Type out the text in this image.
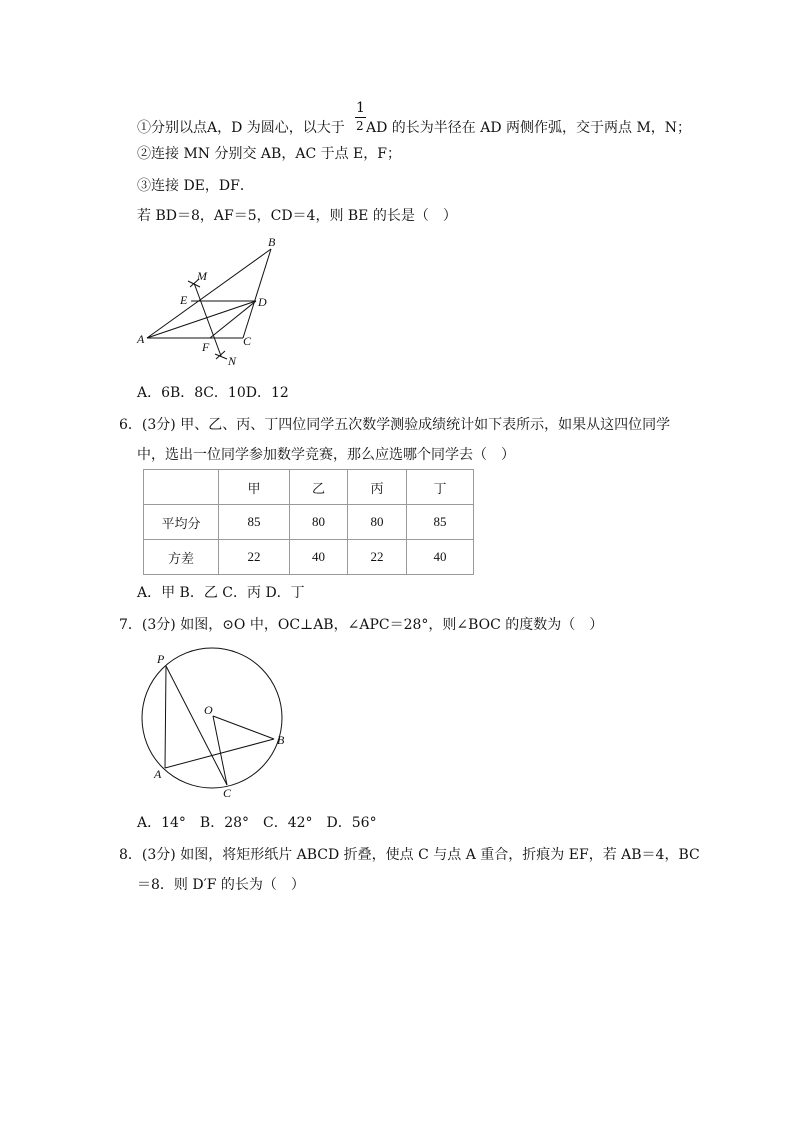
①分别以点A，D 为圆心，以大于
1
2 AD 的长为半径在 AD 两侧作弧，交于两点 M，N；
②连接 MN 分别交 AB，AC 于点 E，F；
③连接 DE，DF．
若 BD＝8，AF＝5，CD＝4，则 BE 的长是（　）
B
M
E	D
A
F	C
N
A．6B．8C．10D．12
6．(3分) 甲、乙、丙、丁四位同学五次数学测验成绩统计如下表所示，如果从这四位同学
中，选出一位同学参加数学竞赛，那么应选哪个同学去（　）
	甲	乙	丙	丁
平均分	85	80	80	85
方差	22	40	22	40
A．甲 B．乙 C．丙 D．丁
7．(3分) 如图，⊙O 中，OC⊥AB，∠APC＝28°，则∠BOC 的度数为（　）
P
O
B
A
C
A．14°　B．28°　C．42°　D．56°
8．(3分) 如图，将矩形纸片 ABCD 折叠，使点 C 与点 A 重合，折痕为 EF，若 AB＝4，BC
＝8．则 D′F 的长为（　）
